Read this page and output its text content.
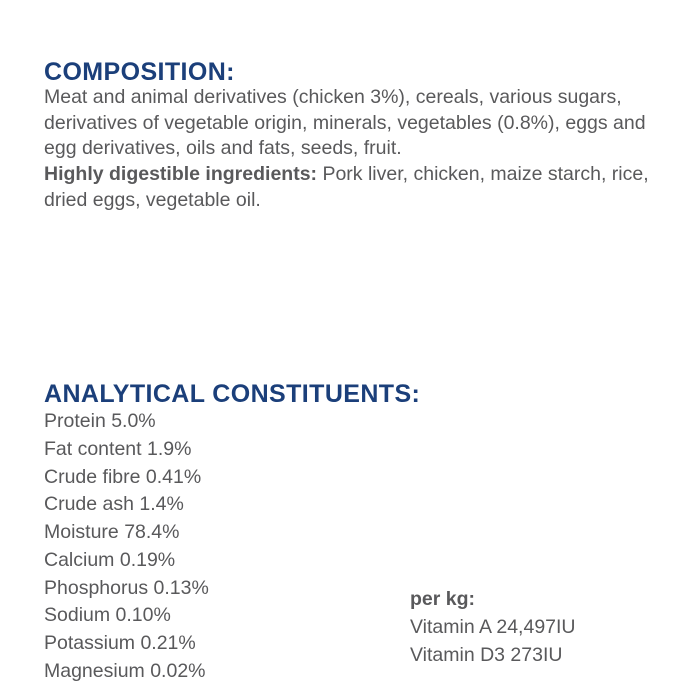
COMPOSITION:
Meat and animal derivatives (chicken 3%), cereals, various sugars, derivatives of vegetable origin, minerals, vegetables (0.8%), eggs and egg derivatives, oils and fats, seeds, fruit.
Highly digestible ingredients: Pork liver, chicken, maize starch, rice, dried eggs, vegetable oil.
ANALYTICAL CONSTITUENTS:
Protein 5.0%
Fat content 1.9%
Crude fibre 0.41%
Crude ash 1.4%
Moisture 78.4%
Calcium 0.19%
Phosphorus 0.13%
Sodium 0.10%
Potassium 0.21%
Magnesium 0.02%
per kg:
Vitamin A 24,497IU
Vitamin D3 273IU
